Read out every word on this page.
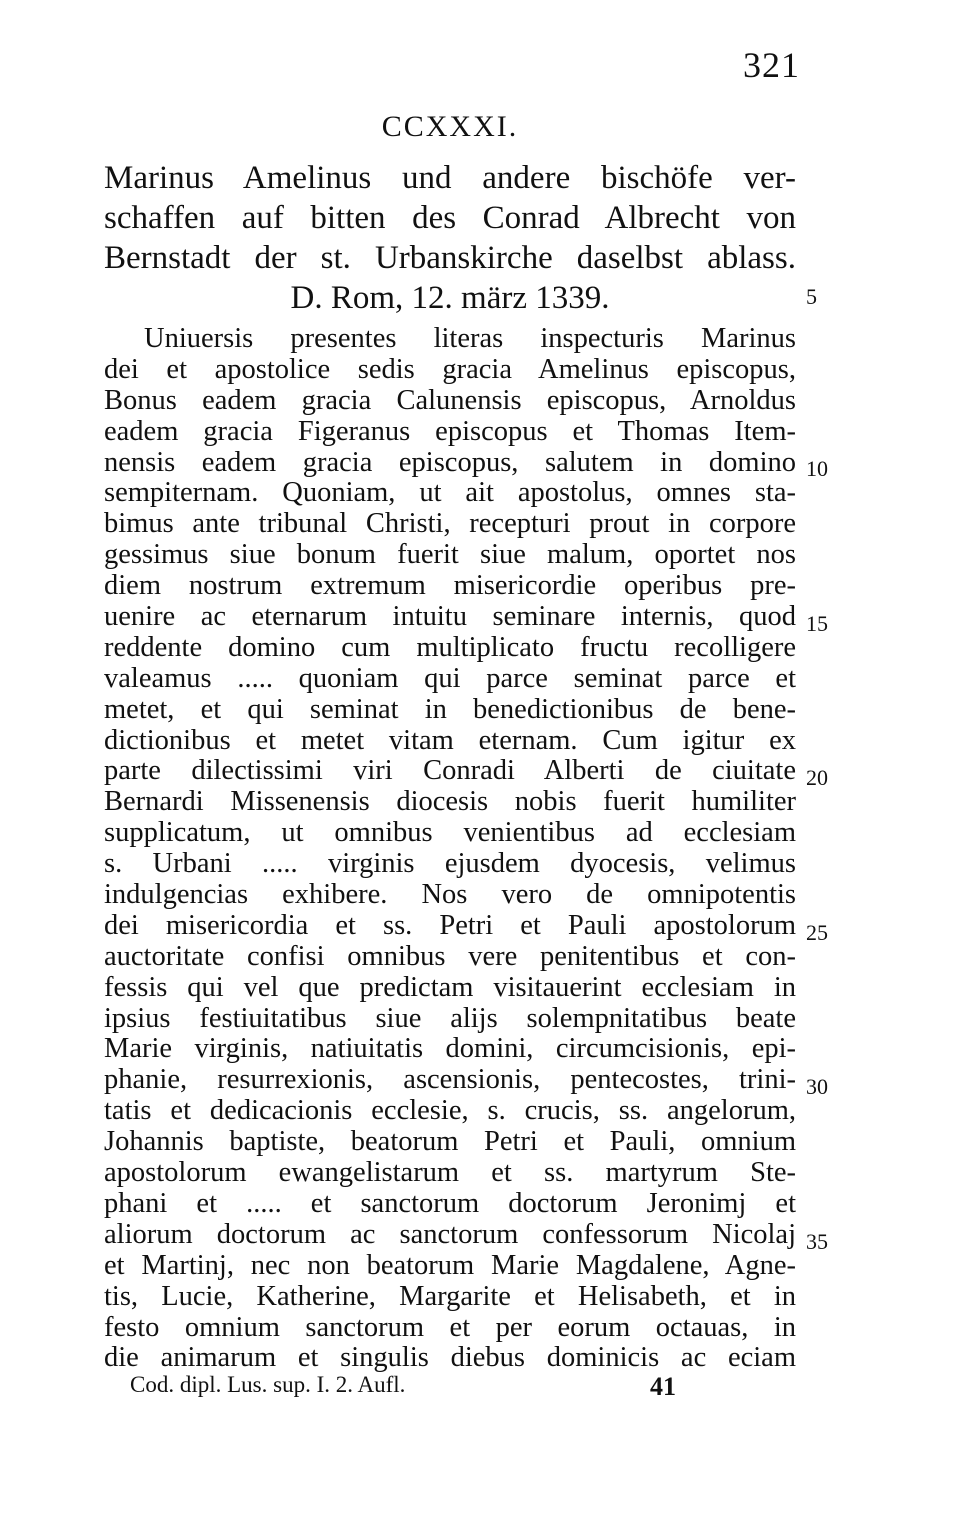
321
CCXXXI.
Marinus Amelinus und andere bischöfe ver-
schaffen auf bitten des Conrad Albrecht von
Bernstadt der st. Urbanskirche daselbst ablass.
D. Rom, 12. märz 1339.
Uniuersis presentes literas inspecturis Marinus
dei et apostolice sedis gracia Amelinus episcopus,
Bonus eadem gracia Calunensis episcopus, Arnoldus
eadem gracia Figeranus episcopus et Thomas Item-
nensis eadem gracia episcopus, salutem in domino
sempiternam. Quoniam, ut ait apostolus, omnes sta-
bimus ante tribunal Christi, recepturi prout in corpore
gessimus siue bonum fuerit siue malum, oportet nos
diem nostrum extremum misericordie operibus pre-
uenire ac eternarum intuitu seminare internis, quod
reddente domino cum multiplicato fructu recolligere
valeamus ..... quoniam qui parce seminat parce et
metet, et qui seminat in benedictionibus de bene-
dictionibus et metet vitam eternam. Cum igitur ex
parte dilectissimi viri Conradi Alberti de ciuitate
Bernardi Missenensis diocesis nobis fuerit humiliter
supplicatum, ut omnibus venientibus ad ecclesiam
s. Urbani ..... virginis ejusdem dyocesis, velimus
indulgencias exhibere. Nos vero de omnipotentis
dei misericordia et ss. Petri et Pauli apostolorum
auctoritate confisi omnibus vere penitentibus et con-
fessis qui vel que predictam visitauerint ecclesiam in
ipsius festiuitatibus siue alijs solempnitatibus beate
Marie virginis, natiuitatis domini, circumcisionis, epi-
phanie, resurrexionis, ascensionis, pentecostes, trini-
tatis et dedicacionis ecclesie, s. crucis, ss. angelorum,
Johannis baptiste, beatorum Petri et Pauli, omnium
apostolorum ewangelistarum et ss. martyrum Ste-
phani et ..... et sanctorum doctorum Jeronimj et
aliorum doctorum ac sanctorum confessorum Nicolaj
et Martinj, nec non beatorum Marie Magdalene, Agne-
tis, Lucie, Katherine, Margarite et Helisabeth, et in
festo omnium sanctorum et per eorum octauas, in
die animarum et singulis diebus dominicis ac eciam
5
10
15
20
25
30
35
Cod. dipl. Lus. sup. I. 2. Aufl.	41
